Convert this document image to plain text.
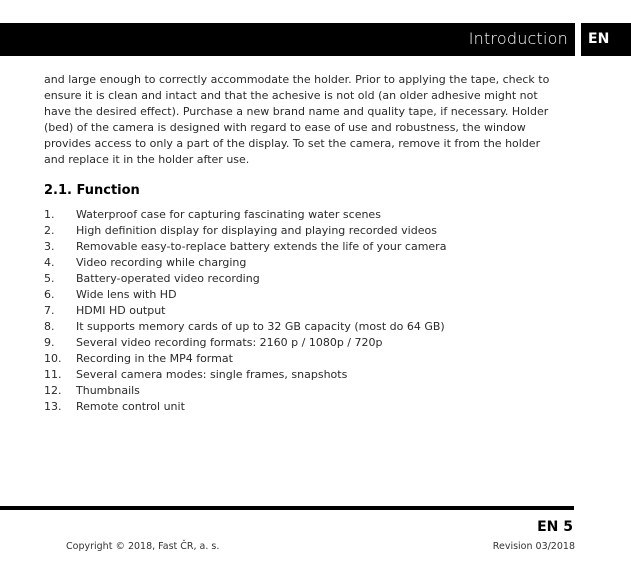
Introduction EN
and large enough to correctly accommodate the holder. Prior to applying the tape, check to ensure it is clean and intact and that the achesive is not old (an older adhesive might not have the desired effect). Purchase a new brand name and quality tape, if necessary. Holder (bed) of the camera is designed with regard to ease of use and robustness, the window provides access to only a part of the display. To set the camera, remove it from the holder and replace it in the holder after use.
2.1. Function
1. Waterproof case for capturing fascinating water scenes
2. High definition display for displaying and playing recorded videos
3. Removable easy-to-replace battery extends the life of your camera
4. Video recording while charging
5. Battery-operated video recording
6. Wide lens with HD
7. HDMI HD output
8. It supports memory cards of up to 32 GB capacity (most do 64 GB)
9. Several video recording formats: 2160 p / 1080p / 720p
10. Recording in the MP4 format
11. Several camera modes: single frames, snapshots
12. Thumbnails
13. Remote control unit
EN 5
Copyright © 2018, Fast ČR, a. s.	Revision 03/2018
